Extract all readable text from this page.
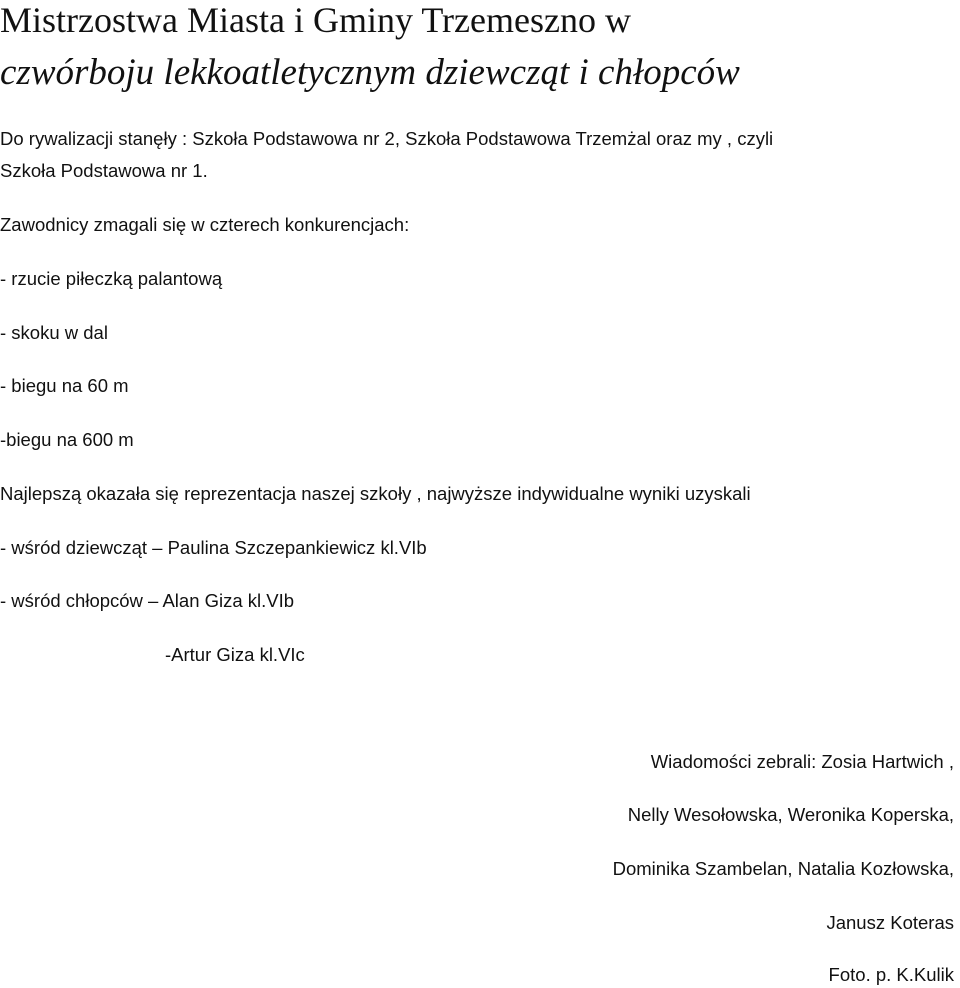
Mistrzostwa Miasta i Gminy Trzemeszno w
czwórboju lekkoatletycznym dziewcząt i chłopców
Do rywalizacji stanęły : Szkoła Podstawowa nr 2, Szkoła Podstawowa Trzemżal oraz my , czyli
Szkoła Podstawowa nr 1.
Zawodnicy zmagali się w czterech konkurencjach:
- rzucie piłeczką palantową
- skoku w dal
- biegu na 60 m
-biegu na 600 m
Najlepszą okazała się reprezentacja naszej szkoły , najwyższe indywidualne wyniki uzyskali
- wśród dziewcząt – Paulina Szczepankiewicz kl.VIb
- wśród chłopców – Alan Giza kl.VIb
-Artur Giza kl.VIc
Wiadomości zebrali: Zosia Hartwich ,
Nelly Wesołowska, Weronika Koperska,
Dominika Szambelan, Natalia Kozłowska,
Janusz Koteras
Foto. p. K.Kulik
